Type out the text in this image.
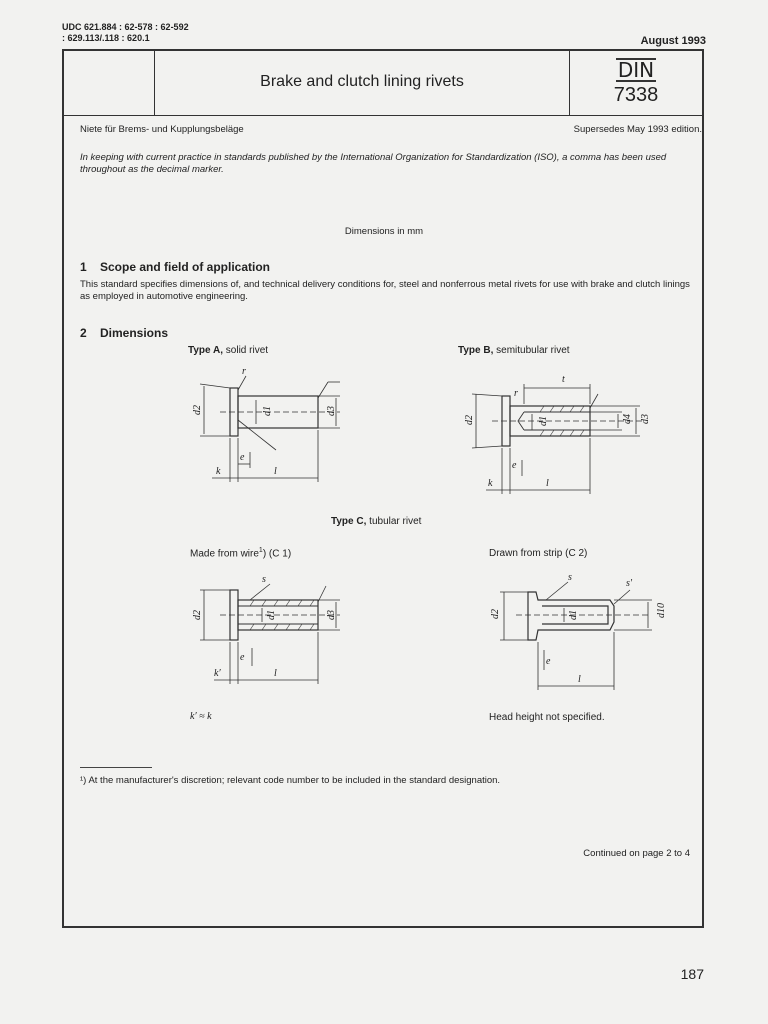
UDC 621.884 : 62-578 : 62-592
: 629.113/.118 : 620.1	August 1993
Brake and clutch lining rivets	DIN
7338
Niete für Brems- und Kupplungsbeläge	Supersedes May 1993 edition.
In keeping with current practice in standards published by the International Organization for Standardization (ISO), a comma has been used throughout as the decimal marker.
Dimensions in mm
1 Scope and field of application
This standard specifies dimensions of, and technical delivery conditions for, steel and nonferrous metal rivets for use with brake and clutch linings as employed in automotive engineering.
2 Dimensions
Type A, solid rivet	Type B, semitubular rivet
Type C, tubular rivet
Made from wire$^1$) (C 1)	Drawn from strip (C 2)
d2	d1	d3
r
e
k	l
d2	d1	d4 d3
t
r
e
k	l
d2	d1	d3
s
e
k′	l
d2	d1	d10
s
s′
e
l
k′ ≈ k	Head height not specified.
¹) At the manufacturer's discretion; relevant code number to be included in the standard designation.
Continued on page 2 to 4
187
